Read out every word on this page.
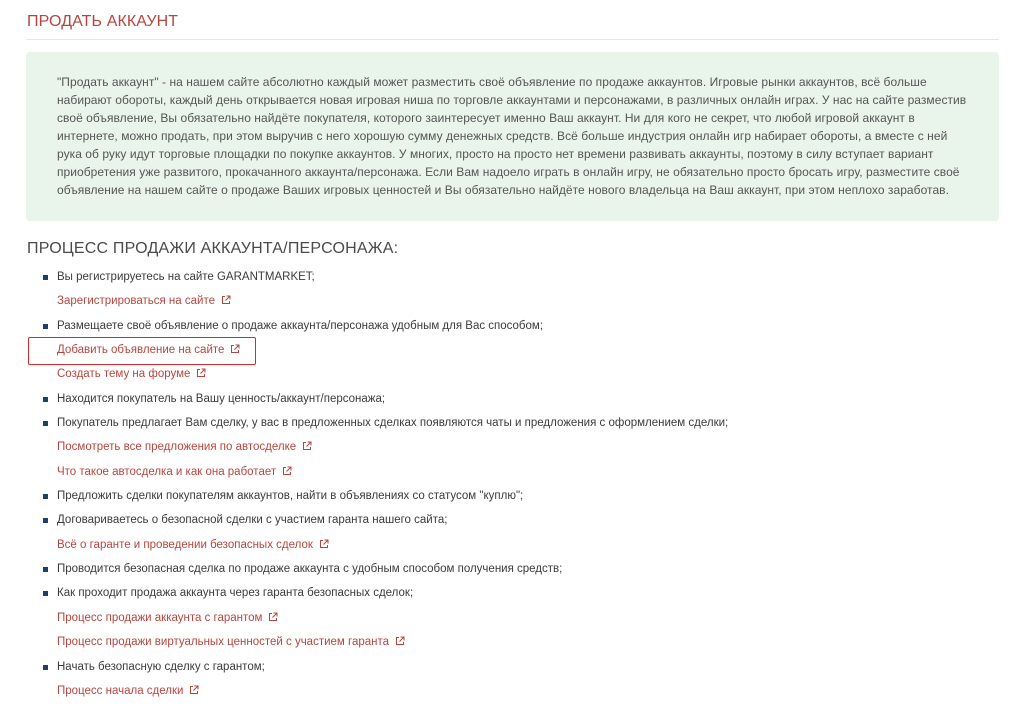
ПРОДАТЬ АККАУНТ

"Продать аккаунт" - на нашем сайте абсолютно каждый может разместить своё объявление по продаже аккаунтов. Игровые рынки аккаунтов, всё больше набирают обороты, каждый день открывается новая игровая ниша по торговле аккаунтами и персонажами, в различных онлайн играх. У нас на сайте разместив своё объявление, Вы обязательно найдёте покупателя, которого заинтересует именно Ваш аккаунт. Ни для кого не секрет, что любой игровой аккаунт в интернете, можно продать, при этом выручив с него хорошую сумму денежных средств. Всё больше индустрия онлайн игр набирает обороты, а вместе с ней рука об руку идут торговые площадки по покупке аккаунтов. У многих, просто на просто нет времени развивать аккаунты, поэтому в силу вступает вариант приобретения уже развитого, прокачанного аккаунта/персонажа. Если Вам надоело играть в онлайн игру, не обязательно просто бросать игру, разместите своё объявление на нашем сайте о продаже Ваших игровых ценностей и Вы обязательно найдёте нового владельца на Ваш аккаунт, при этом неплохо заработав.

ПРОЦЕСС ПРОДАЖИ АККАУНТА/ПЕРСОНАЖА:
Вы регистрируетесь на сайте GARANTMARKET;
Зарегистрироваться на сайте
Размещаете своё объявление о продаже аккаунта/персонажа удобным для Вас способом;
Добавить объявление на сайте
Создать тему на форуме
Находится покупатель на Вашу ценность/аккаунт/персонажа;
Покупатель предлагает Вам сделку, у вас в предложенных сделках появляются чаты и предложения с оформлением сделки;
Посмотреть все предложения по автосделке
Что такое автосделка и как она работает
Предложить сделки покупателям аккаунтов, найти в объявлениях со статусом "куплю";
Договариваетесь о безопасной сделки с участием гаранта нашего сайта;
Всё о гаранте и проведении безопасных сделок
Проводится безопасная сделка по продаже аккаунта с удобным способом получения средств;
Как проходит продажа аккаунта через гаранта безопасных сделок;
Процесс продажи аккаунта с гарантом
Процесс продажи виртуальных ценностей с участием гаранта
Начать безопасную сделку с гарантом;
Процесс начала сделки
